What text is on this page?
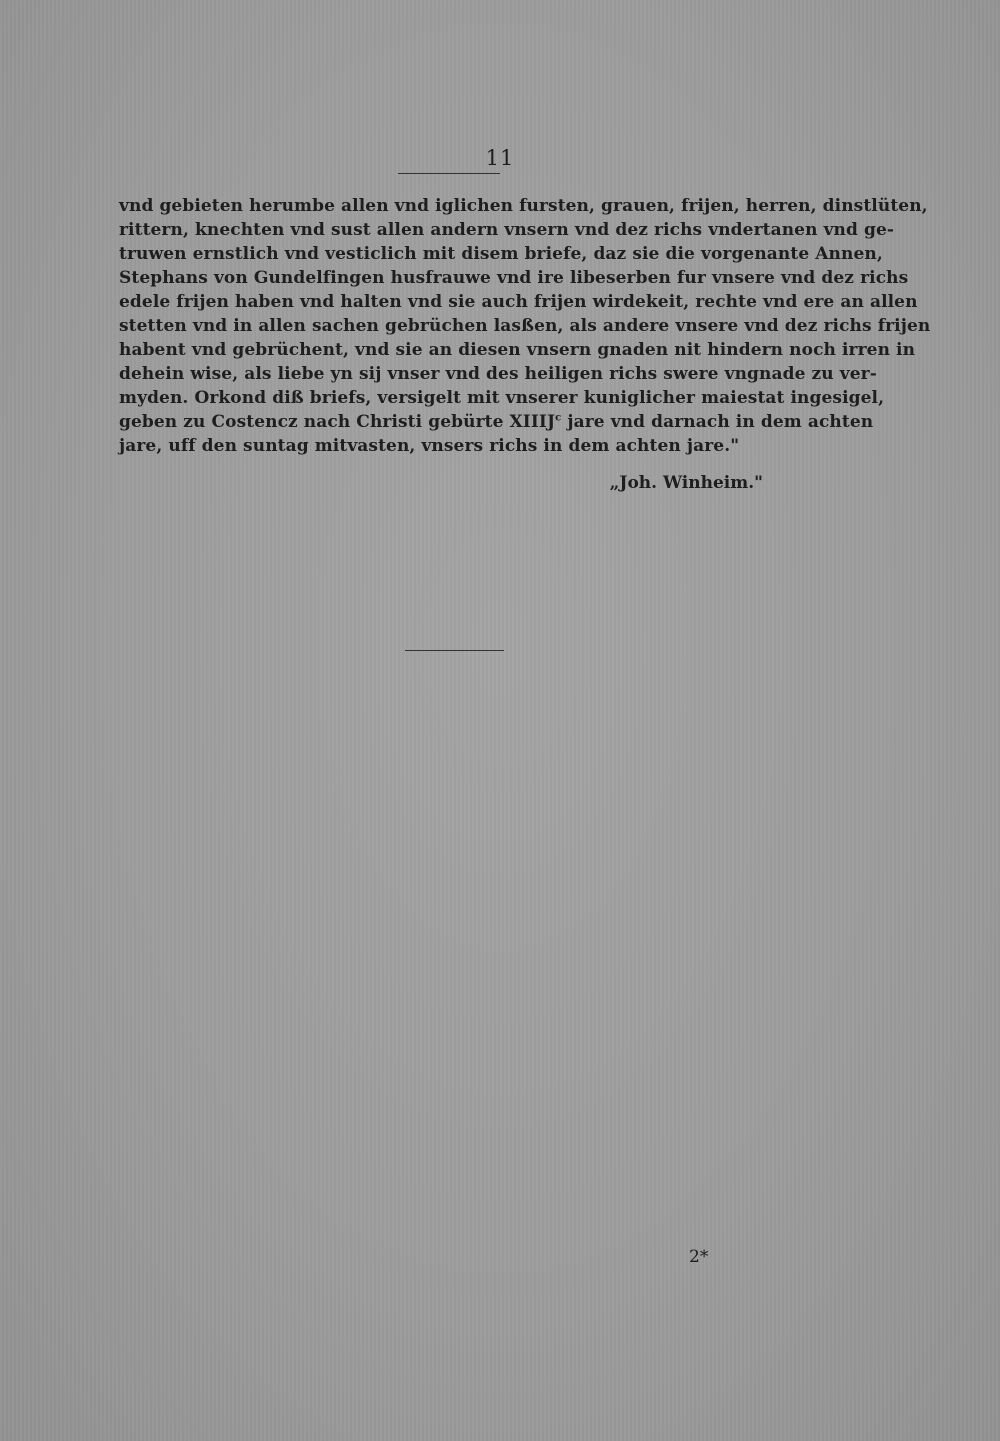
11
vnd gebieten herumbe allen vnd iglichen fursten, grauen, frijen, herren, dinstlüten,
rittern, knechten vnd sust allen andern vnsern vnd dez richs vndertanen vnd ge-
truwen ernstlich vnd vesticlich mit disem briefe, daz sie die vorgenante Annen,
Stephans von Gundelfingen husfrauwe vnd ire libeserben fur vnsere vnd dez richs
edele frijen haben vnd halten vnd sie auch frijen wirdekeit, rechte vnd ere an allen
stetten vnd in allen sachen gebrüchen lasßen, als andere vnsere vnd dez richs frijen
habent vnd gebrüchent, vnd sie an diesen vnsern gnaden nit hindern noch irren in
dehein wise, als liebe yn sij vnser vnd des heiligen richs swere vngnade zu ver-
myden. Orkond diß briefs, versigelt mit vnserer kuniglicher maiestat ingesigel,
geben zu Costencz nach Christi gebürte XIIIJ$^c$ jare vnd darnach in dem achten
jare, uff den suntag mitvasten, vnsers richs in dem achten jare."
„Joh. Winheim."
2*
